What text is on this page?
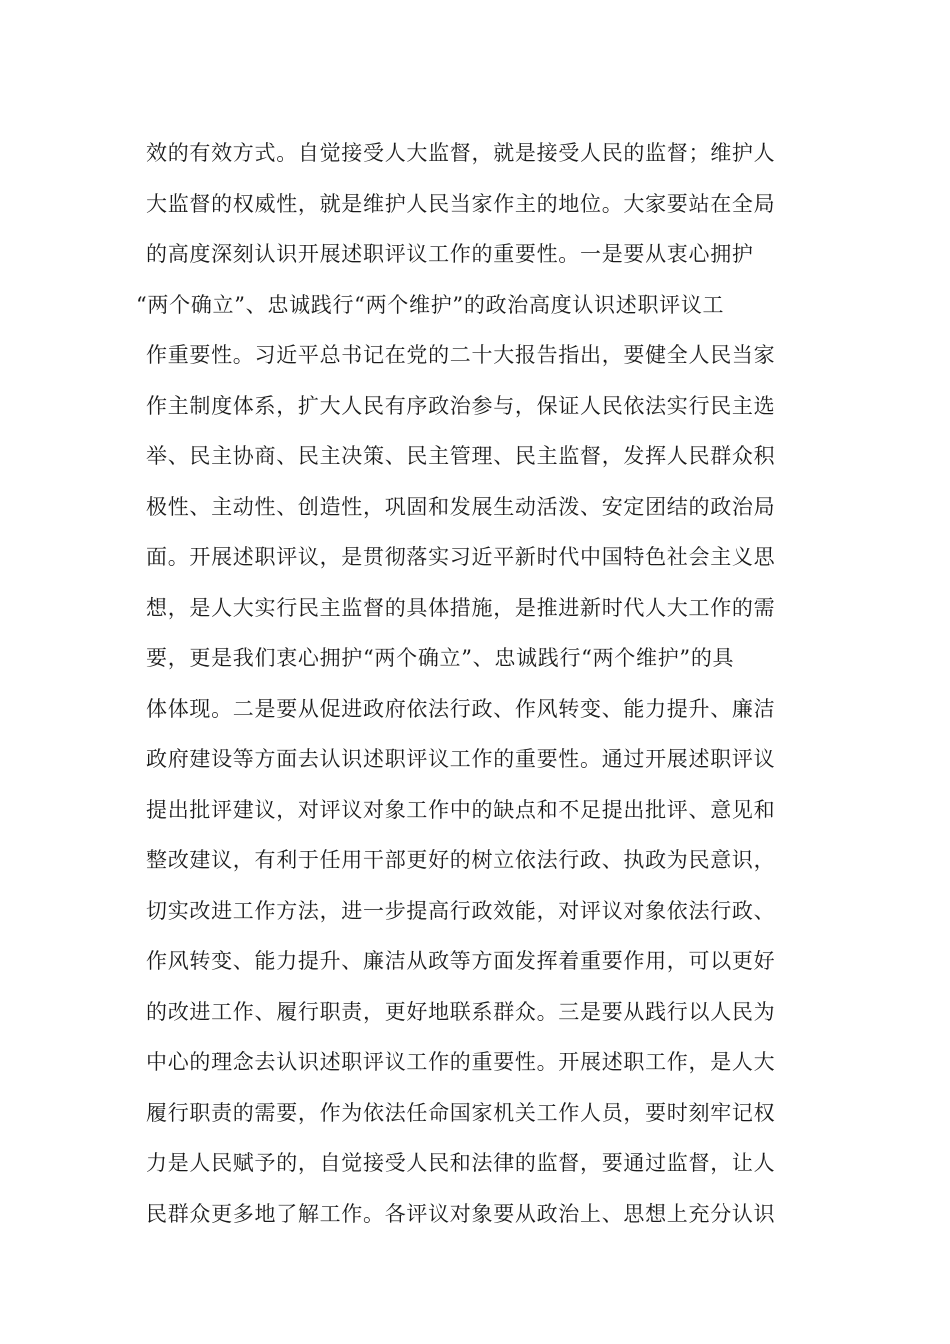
效的有效方式。自觉接受人大监督，就是接受人民的监督；维护人
大监督的权威性，就是维护人民当家作主的地位。大家要站在全局
的高度深刻认识开展述职评议工作的重要性。一是要从衷心拥护
“两个确立”、忠诚践行“两个维护”的政治高度认识述职评议工
作重要性。习近平总书记在党的二十大报告指出，要健全人民当家
作主制度体系，扩大人民有序政治参与，保证人民依法实行民主选
举、民主协商、民主决策、民主管理、民主监督，发挥人民群众积
极性、主动性、创造性，巩固和发展生动活泼、安定团结的政治局
面。开展述职评议，是贯彻落实习近平新时代中国特色社会主义思
想，是人大实行民主监督的具体措施，是推进新时代人大工作的需
要，更是我们衷心拥护“两个确立”、忠诚践行“两个维护”的具
体体现。二是要从促进政府依法行政、作风转变、能力提升、廉洁
政府建设等方面去认识述职评议工作的重要性。通过开展述职评议
提出批评建议，对评议对象工作中的缺点和不足提出批评、意见和
整改建议，有利于任用干部更好的树立依法行政、执政为民意识，
切实改进工作方法，进一步提高行政效能，对评议对象依法行政、
作风转变、能力提升、廉洁从政等方面发挥着重要作用，可以更好
的改进工作、履行职责，更好地联系群众。三是要从践行以人民为
中心的理念去认识述职评议工作的重要性。开展述职工作，是人大
履行职责的需要，作为依法任命国家机关工作人员，要时刻牢记权
力是人民赋予的，自觉接受人民和法律的监督，要通过监督，让人
民群众更多地了解工作。各评议对象要从政治上、思想上充分认识
